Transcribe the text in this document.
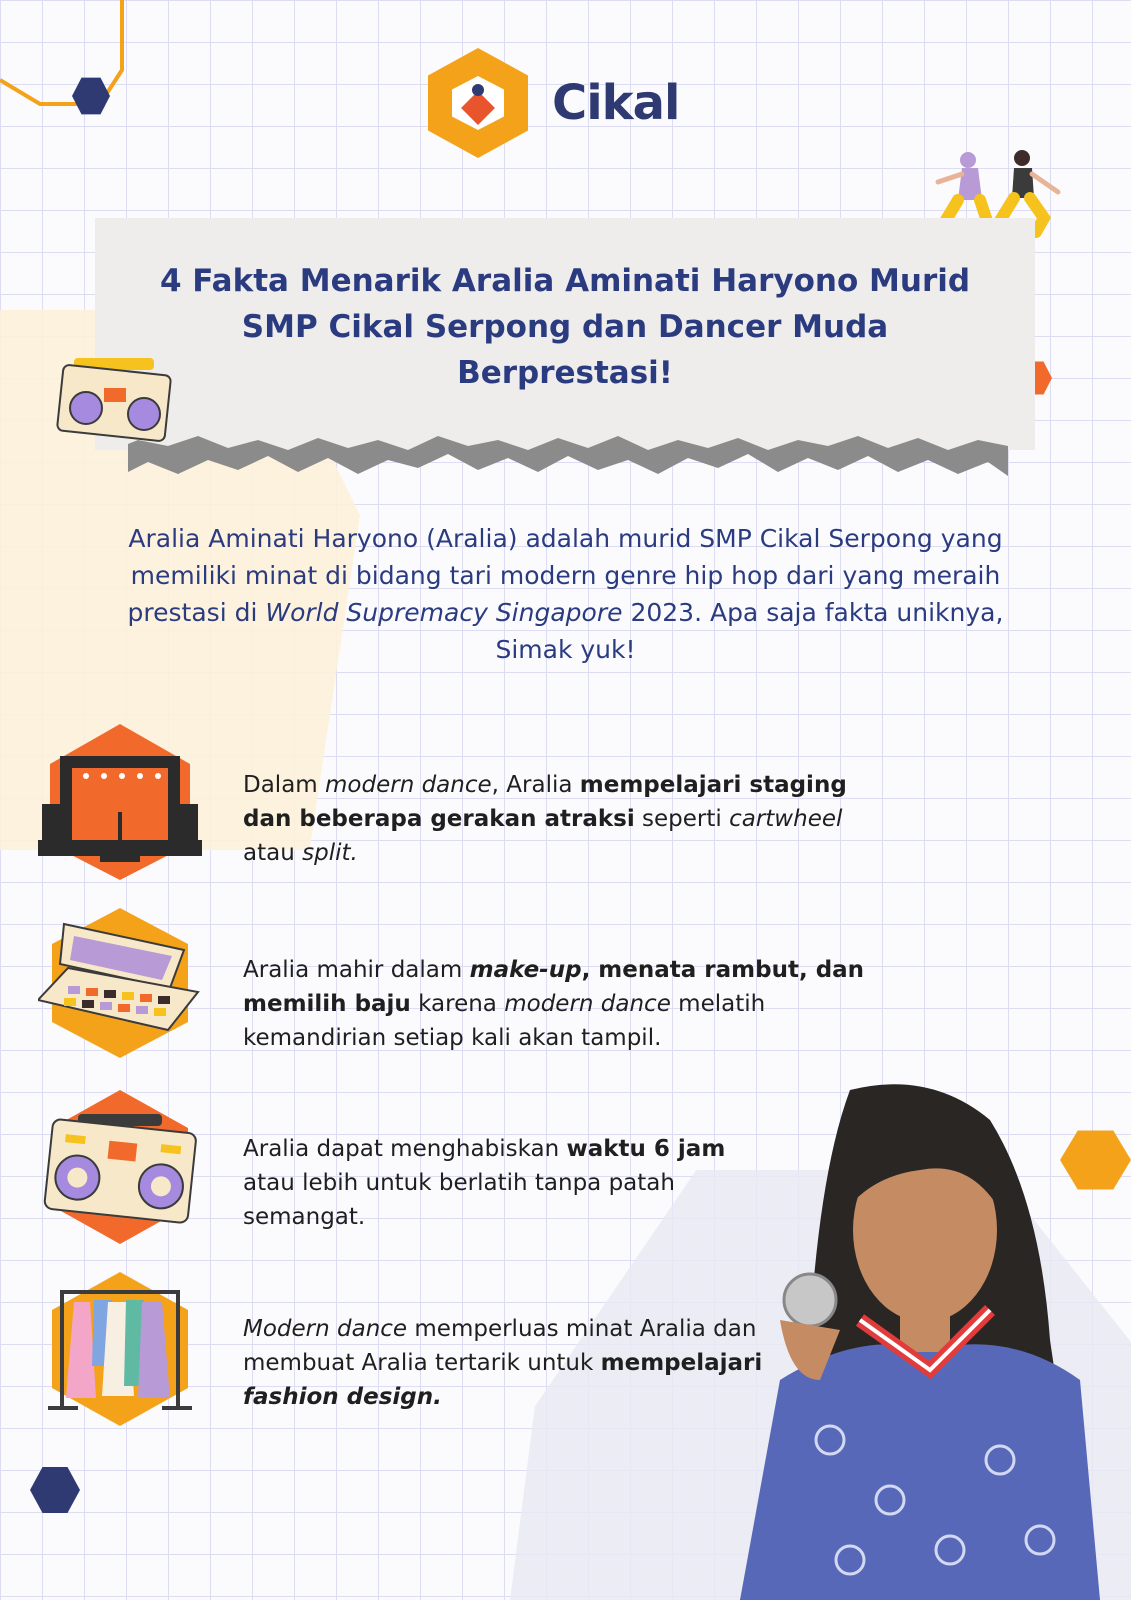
Cikal
4 Fakta Menarik Aralia Aminati Haryono Murid SMP Cikal Serpong dan Dancer Muda Berprestasi!

Aralia Aminati Haryono (Aralia) adalah murid SMP Cikal Serpong yang memiliki minat di bidang tari modern genre hip hop dari yang meraih prestasi di World Supremacy Singapore 2023. Apa saja fakta uniknya, Simak yuk!

Dalam modern dance, Aralia mempelajari staging dan beberapa gerakan atraksi seperti cartwheel
atau split.

Aralia mahir dalam make-up, menata rambut, dan memilih baju karena modern dance melatih kemandirian setiap kali akan tampil.

Aralia dapat menghabiskan waktu 6 jam atau lebih untuk berlatih tanpa patah semangat.

Modern dance memperluas minat Aralia dan membuat Aralia tertarik untuk mempelajari fashion design.
